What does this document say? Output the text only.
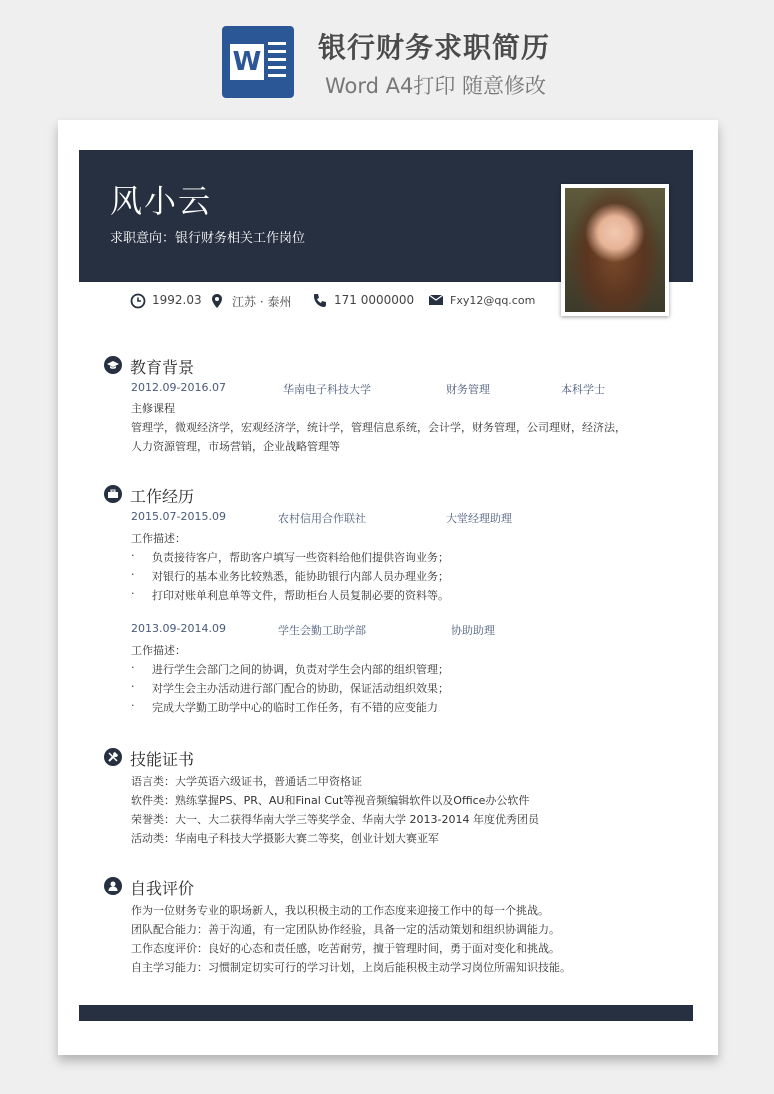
W 银行财务求职简历
Word A4打印 随意修改
风小云
求职意向：银行财务相关工作岗位
1992.03	江苏 · 泰州	171 0000000	Fxy12@qq.com
教育背景
2012.09-2016.07	华南电子科技大学	财务管理	本科学士
主修课程
管理学，微观经济学，宏观经济学，统计学，管理信息系统，会计学，财务管理，公司理财，经济法，
人力资源管理，市场营销，企业战略管理等
工作经历
2015.07-2015.09	农村信用合作联社	大堂经理助理
工作描述：
· 负责接待客户，帮助客户填写一些资料给他们提供咨询业务；
· 对银行的基本业务比较熟悉，能协助银行内部人员办理业务；
· 打印对账单利息单等文件，帮助柜台人员复制必要的资料等。
2013.09-2014.09	学生会勤工助学部	协助助理
工作描述：
· 进行学生会部门之间的协调，负责对学生会内部的组织管理；
· 对学生会主办活动进行部门配合的协助，保证活动组织效果；
· 完成大学勤工助学中心的临时工作任务，有不错的应变能力
技能证书
语言类：大学英语六级证书，普通话二甲资格证
软件类：熟练掌握PS、PR、AU和Final Cut等视音频编辑软件以及Office办公软件
荣誉类：大一、大二获得华南大学三等奖学金、华南大学 2013-2014 年度优秀团员
活动类：华南电子科技大学摄影大赛二等奖，创业计划大赛亚军
自我评价
作为一位财务专业的职场新人，我以积极主动的工作态度来迎接工作中的每一个挑战。
团队配合能力：善于沟通，有一定团队协作经验，具备一定的活动策划和组织协调能力。
工作态度评价：良好的心态和责任感，吃苦耐劳，擅于管理时间，勇于面对变化和挑战。
自主学习能力：习惯制定切实可行的学习计划，上岗后能积极主动学习岗位所需知识技能。
